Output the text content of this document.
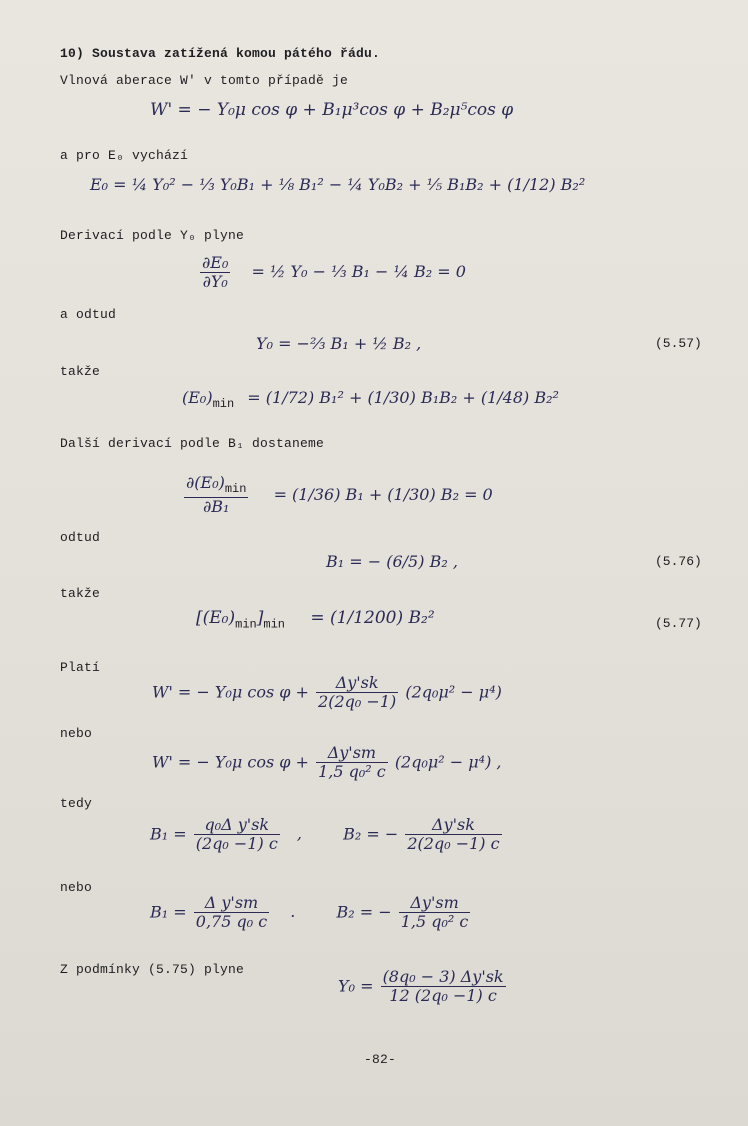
10) Soustava zatížená komou pátého řádu.
Vlnová aberace W' v tomto případě je
W' = − Y₀μ cos φ + B₁μ³cos φ + B₂μ⁵cos φ
a pro E₀ vychází
E₀ = ¼ Y₀² − ⅓ Y₀B₁ + ⅛ B₁² − ¼ Y₀B₂ + ⅕ B₁B₂ + (1/12) B₂²
Derivací podle Y₀ plyne
$\frac{\text{∂E₀}}{\text{∂Y₀}}$ = ½ Y₀ − ⅓ B₁ − ¼ B₂ = 0
a odtud
Y₀ = −⅔ B₁ + ½ B₂ ,	(5.57)
takže
$(E_0)_{min} = (1/72) B_1^2 + (1/30) B_1B_2 + (1/48)$ B₂²
Další derivací podle B₁ dostaneme
$\frac{\partial(E_0)_{min}}{\text{∂B₁}} = (1/36) B_1 + (1/30) B_2 = 0$
odtud
B₁ = − (6/5) B₂ ,	(5.76)
takže
$[(E_0)_{min}]_{min} = (1/1200)$ B₂²	(5.77)
Platí
W' = − Y₀μ $\cos \varphi + \frac{\Delta y'sk}{\text{2(2q₀ −1)}} (2q_0\mu^2 - \mu^4)$
nebo
W' = − Y₀μ $\cos \varphi + \frac{\Delta y'sm}{\text{1,5 q₀² c}} (2q_0\mu^2 - \mu^4)$ ,
tedy
$B_1 = \frac{\text{q₀Δ y'sk}}{\text{(2q₀ −1) c}}$ ,	B₂ = − $\frac{\Delta y'sk}{\text{2(2q₀ −1) c}}$
nebo
$B_1 = \frac{\text{Δ y'sm}}{\text{0,75 q₀ c}}$ .	B₂ = − $\frac{\Delta y'sm}{\text{1,5 q₀² c}}$
Z podmínky (5.75) plyne
$Y_0 = \frac{\text{(8q₀ − 3) Δy'sk}}{\text{12 (2q₀ −1) c}}$
-82-
